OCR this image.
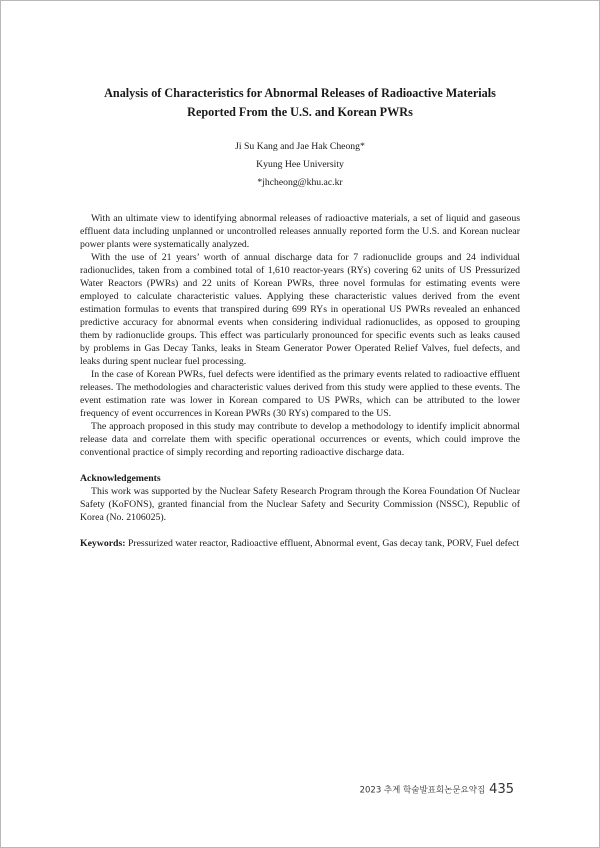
Analysis of Characteristics for Abnormal Releases of Radioactive Materials
Reported From the U.S. and Korean PWRs
Ji Su Kang and Jae Hak Cheong*
Kyung Hee University
*jhcheong@khu.ac.kr

With an ultimate view to identifying abnormal releases of radioactive materials, a set of liquid and gaseous effluent data including unplanned or uncontrolled releases annually reported form the U.S. and Korean nuclear power plants were systematically analyzed.

With the use of 21 years’ worth of annual discharge data for 7 radionuclide groups and 24 individual radionuclides, taken from a combined total of 1,610 reactor-years (RYs) covering 62 units of US Pressurized Water Reactors (PWRs) and 22 units of Korean PWRs, three novel formulas for estimating events were employed to calculate characteristic values. Applying these characteristic values derived from the event estimation formulas to events that transpired during 699 RYs in operational US PWRs revealed an enhanced predictive accuracy for abnormal events when considering individual radionuclides, as opposed to grouping them by radionuclide groups. This effect was particularly pronounced for specific events such as leaks caused by problems in Gas Decay Tanks, leaks in Steam Generator Power Operated Relief Valves, fuel defects, and leaks during spent nuclear fuel processing.

In the case of Korean PWRs, fuel defects were identified as the primary events related to radioactive effluent releases. The methodologies and characteristic values derived from this study were applied to these events. The event estimation rate was lower in Korean compared to US PWRs, which can be attributed to the lower frequency of event occurrences in Korean PWRs (30 RYs) compared to the US.

The approach proposed in this study may contribute to develop a methodology to identify implicit abnormal release data and correlate them with specific operational occurrences or events, which could improve the conventional practice of simply recording and reporting radioactive discharge data.

Acknowledgements

This work was supported by the Nuclear Safety Research Program through the Korea Foundation Of Nuclear Safety (KoFONS), granted financial from the Nuclear Safety and Security Commission (NSSC), Republic of Korea (No. 2106025).

Keywords: Pressurized water reactor, Radioactive effluent, Abnormal event, Gas decay tank, PORV, Fuel defect

2023 추계 학술발표회논문요약집 435
